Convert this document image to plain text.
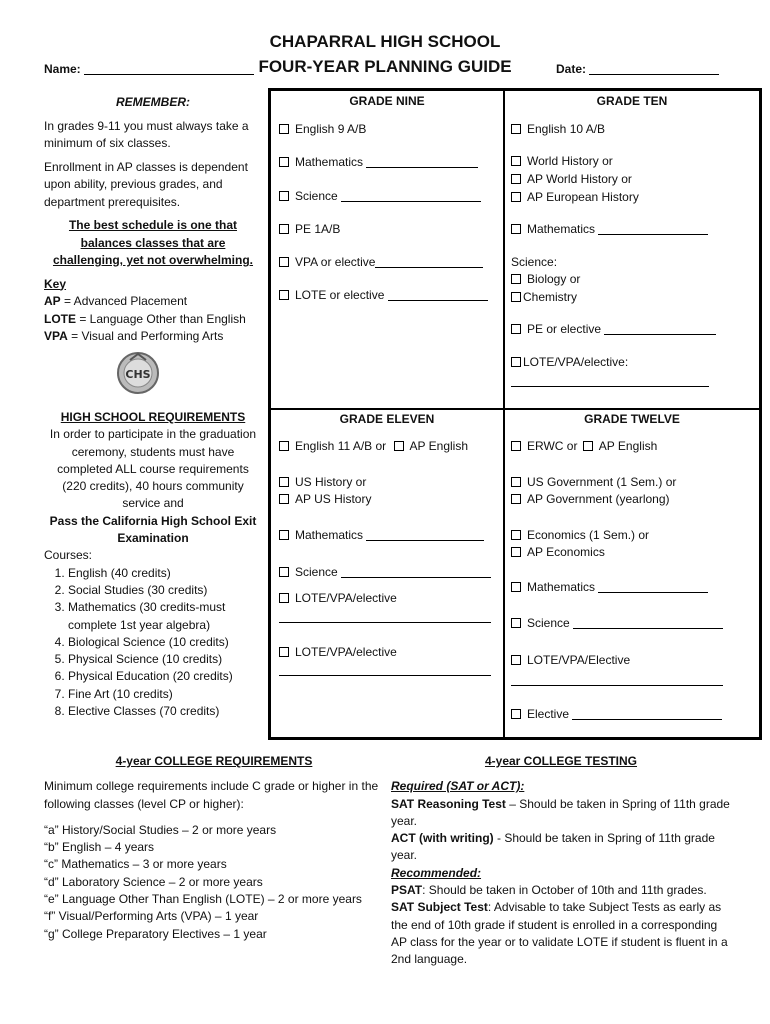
CHAPARRAL HIGH SCHOOL
FOUR-YEAR PLANNING GUIDE
Name:	Date:
REMEMBER:
In grades 9-11 you must always take a minimum of six classes.
Enrollment in AP classes is dependent upon ability, previous grades, and department prerequisites.
The best schedule is one that balances classes that are challenging, yet not overwhelming.
Key
AP = Advanced Placement
LOTE = Language Other than English
VPA = Visual and Performing Arts
CHS
HIGH SCHOOL REQUIREMENTS
In order to participate in the graduation ceremony, students must have completed ALL course requirements (220 credits), 40 hours community service and
Pass the California High School Exit Examination
Courses:
1. English (40 credits)
2. Social Studies (30 credits)
3. Mathematics (30 credits-must complete 1st year algebra)
4. Biological Science (10 credits)
5. Physical Science (10 credits)
6. Physical Education (20 credits)
7. Fine Art (10 credits)
8. Elective Classes (70 credits)
GRADE NINE
English 9 A/B
Mathematics
Science
PE 1A/B
VPA or elective
LOTE or elective
GRADE TEN
English 10 A/B
World History or
AP World History or
AP European History
Mathematics
Science:
Biology or
Chemistry
PE or elective
LOTE/VPA/elective:
GRADE ELEVEN
English 11 A/B or AP English
US History or
AP US History
Mathematics
Science
LOTE/VPA/elective
LOTE/VPA/elective
GRADE TWELVE
ERWC or AP English
US Government (1 Sem.) or
AP Government (yearlong)
Economics (1 Sem.) or
AP Economics
Mathematics
Science
LOTE/VPA/Elective
Elective
4-year COLLEGE REQUIREMENTS
Minimum college requirements include C grade or higher in the following classes (level CP or higher):
“a” History/Social Studies – 2 or more years
“b” English – 4 years
“c” Mathematics – 3 or more years
“d” Laboratory Science – 2 or more years
“e” Language Other Than English (LOTE) – 2 or more years
“f” Visual/Performing Arts (VPA) – 1 year
“g” College Preparatory Electives – 1 year
4-year COLLEGE TESTING
Required (SAT or ACT):
SAT Reasoning Test – Should be taken in Spring of 11th grade year.
ACT (with writing) - Should be taken in Spring of 11th grade year.
Recommended:
PSAT: Should be taken in October of 10th and 11th grades.
SAT Subject Test: Advisable to take Subject Tests as early as the end of 10th grade if student is enrolled in a corresponding AP class for the year or to validate LOTE if student is fluent in a 2nd language.
